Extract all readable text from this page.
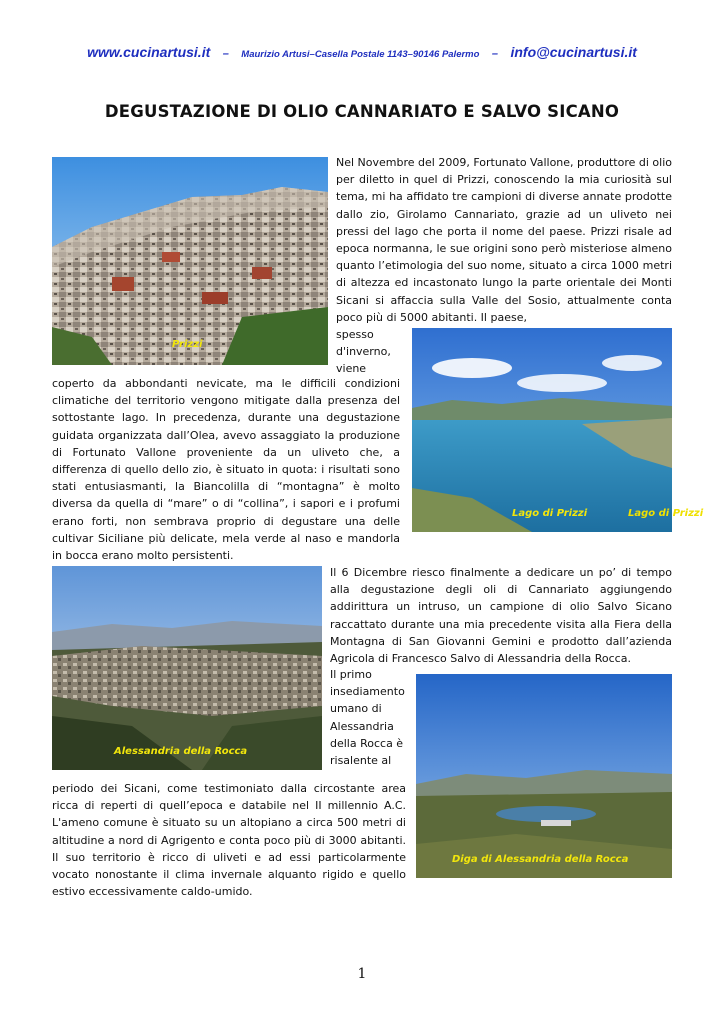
www.cucinartusi.it – Maurizio Artusi–Casella Postale 1143–90146 Palermo – info@cucinartusi.it
DEGUSTAZIONE DI OLIO CANNARIATO E SALVO SICANO
Prizzi
Nel Novembre del 2009, Fortunato Vallone, produttore di olio per diletto in quel di Prizzi, conoscendo la mia curiosità sul tema, mi ha affidato tre campioni di diverse annate prodotte dallo zio, Girolamo Cannariato, grazie ad un uliveto nei pressi del lago che porta il nome del paese. Prizzi risale ad epoca normanna, le sue origini sono però misteriose almeno quanto l’etimologia del suo nome, situato a circa 1000 metri di altezza ed incastonato lungo la parte orientale dei Monti Sicani si affaccia sulla Valle del Sosio, attualmente conta poco più di 5000 abitanti. Il paese,
spesso d'inverno, viene
Lago di Prizzi	Lago di Prizzi
coperto da abbondanti nevicate, ma le difficili condizioni climatiche del territorio vengono mitigate dalla presenza del sottostante lago. In precedenza, durante una degustazione guidata organizzata dall’Olea, avevo assaggiato la produzione di Fortunato Vallone proveniente da un uliveto che, a differenza di quello dello zio, è situato in quota: i risultati sono stati entusiasmanti, la Biancolilla di “montagna” è molto diversa da quella di “mare” o di “collina”, i sapori e i profumi erano forti, non sembrava proprio di degustare una delle cultivar Siciliane più delicate, mela verde al naso e mandorla in bocca erano molto persistenti.
Alessandria della Rocca
Il 6 Dicembre riesco finalmente a dedicare un po’ di tempo alla degustazione degli oli di Cannariato aggiungendo addirittura un intruso, un campione di olio Salvo Sicano raccattato durante una mia precedente visita alla Fiera della Montagna di San Giovanni Gemini e prodotto dall’azienda Agricola di Francesco Salvo di Alessandria della Rocca.
Il primo insediamento umano di Alessandria della Rocca è risalente al
Diga di Alessandria della Rocca
periodo dei Sicani, come testimoniato dalla circostante area ricca di reperti di quell’epoca e databile nel II millennio A.C. L'ameno comune è situato su un altopiano a circa 500 metri di altitudine a nord di Agrigento e conta poco più di 3000 abitanti. Il suo territorio è ricco di uliveti e ad essi particolarmente vocato nonostante il clima invernale alquanto rigido e quello estivo eccessivamente caldo-umido.
1
